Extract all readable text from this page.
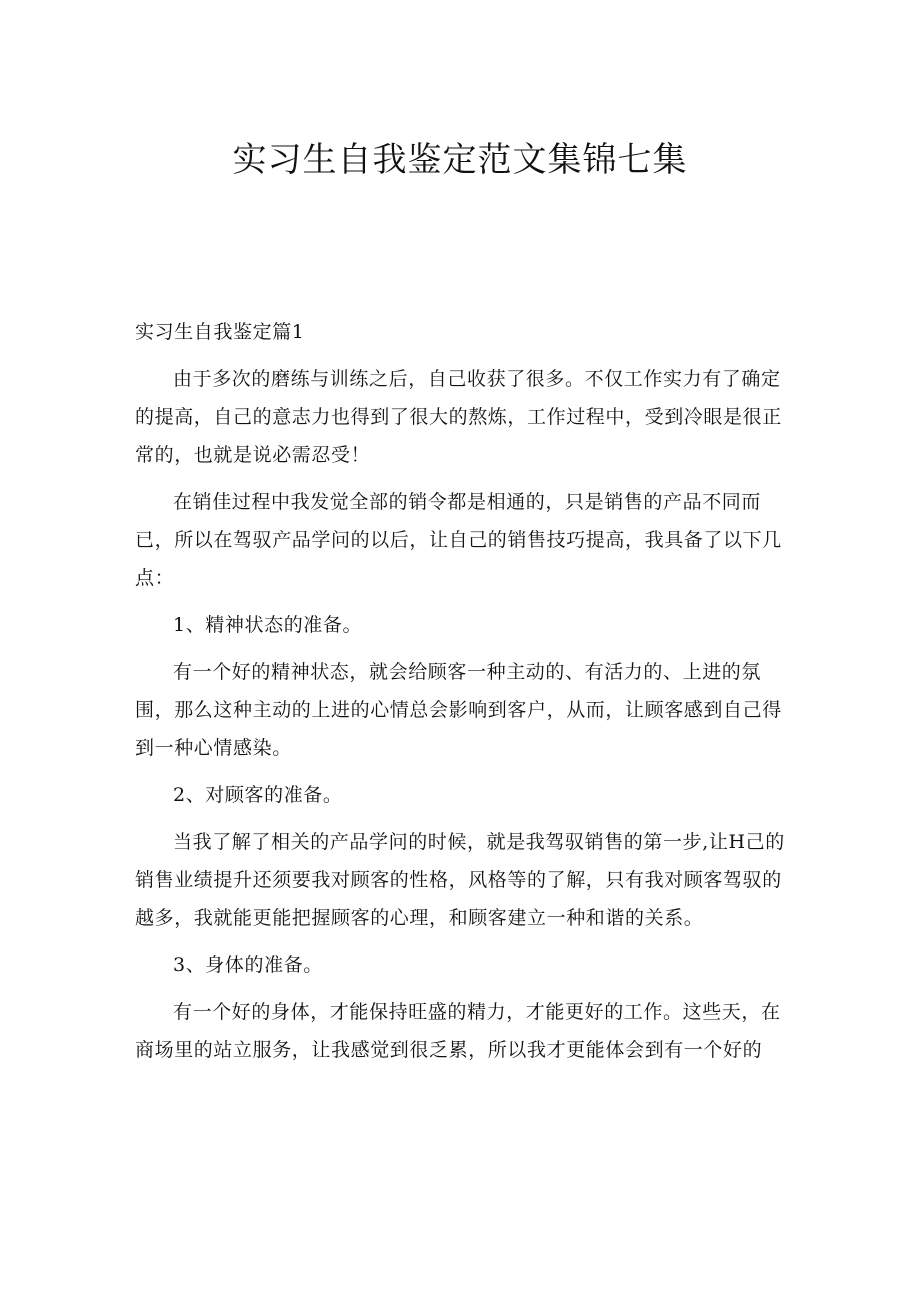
实习生自我鉴定范文集锦七集

实习生自我鉴定篇1

由于多次的磨练与训练之后，自己收获了很多。不仅工作实力有了确定的提高，自己的意志力也得到了很大的熬炼，工作过程中，受到冷眼是很正常的，也就是说必需忍受！

在销佳过程中我发觉全部的销令都是相通的，只是销售的产品不同而已，所以在驾驭产品学问的以后，让自己的销售技巧提高，我具备了以下几点：

1、精神状态的准备。

有一个好的精神状态，就会给顾客一种主动的、有活力的、上进的氛围，那么这种主动的上进的心情总会影响到客户，从而，让顾客感到自己得到一种心情感染。

2、对顾客的准备。

当我了解了相关的产品学问的时候，就是我驾驭销售的第一步,让H己的销售业绩提升还须要我对顾客的性格，风格等的了解，只有我对顾客驾驭的越多，我就能更能把握顾客的心理，和顾客建立一种和谐的关系。

3、身体的准备。

有一个好的身体，才能保持旺盛的精力，才能更好的工作。这些天，在商场里的站立服务，让我感觉到很乏累，所以我才更能体会到有一个好的
